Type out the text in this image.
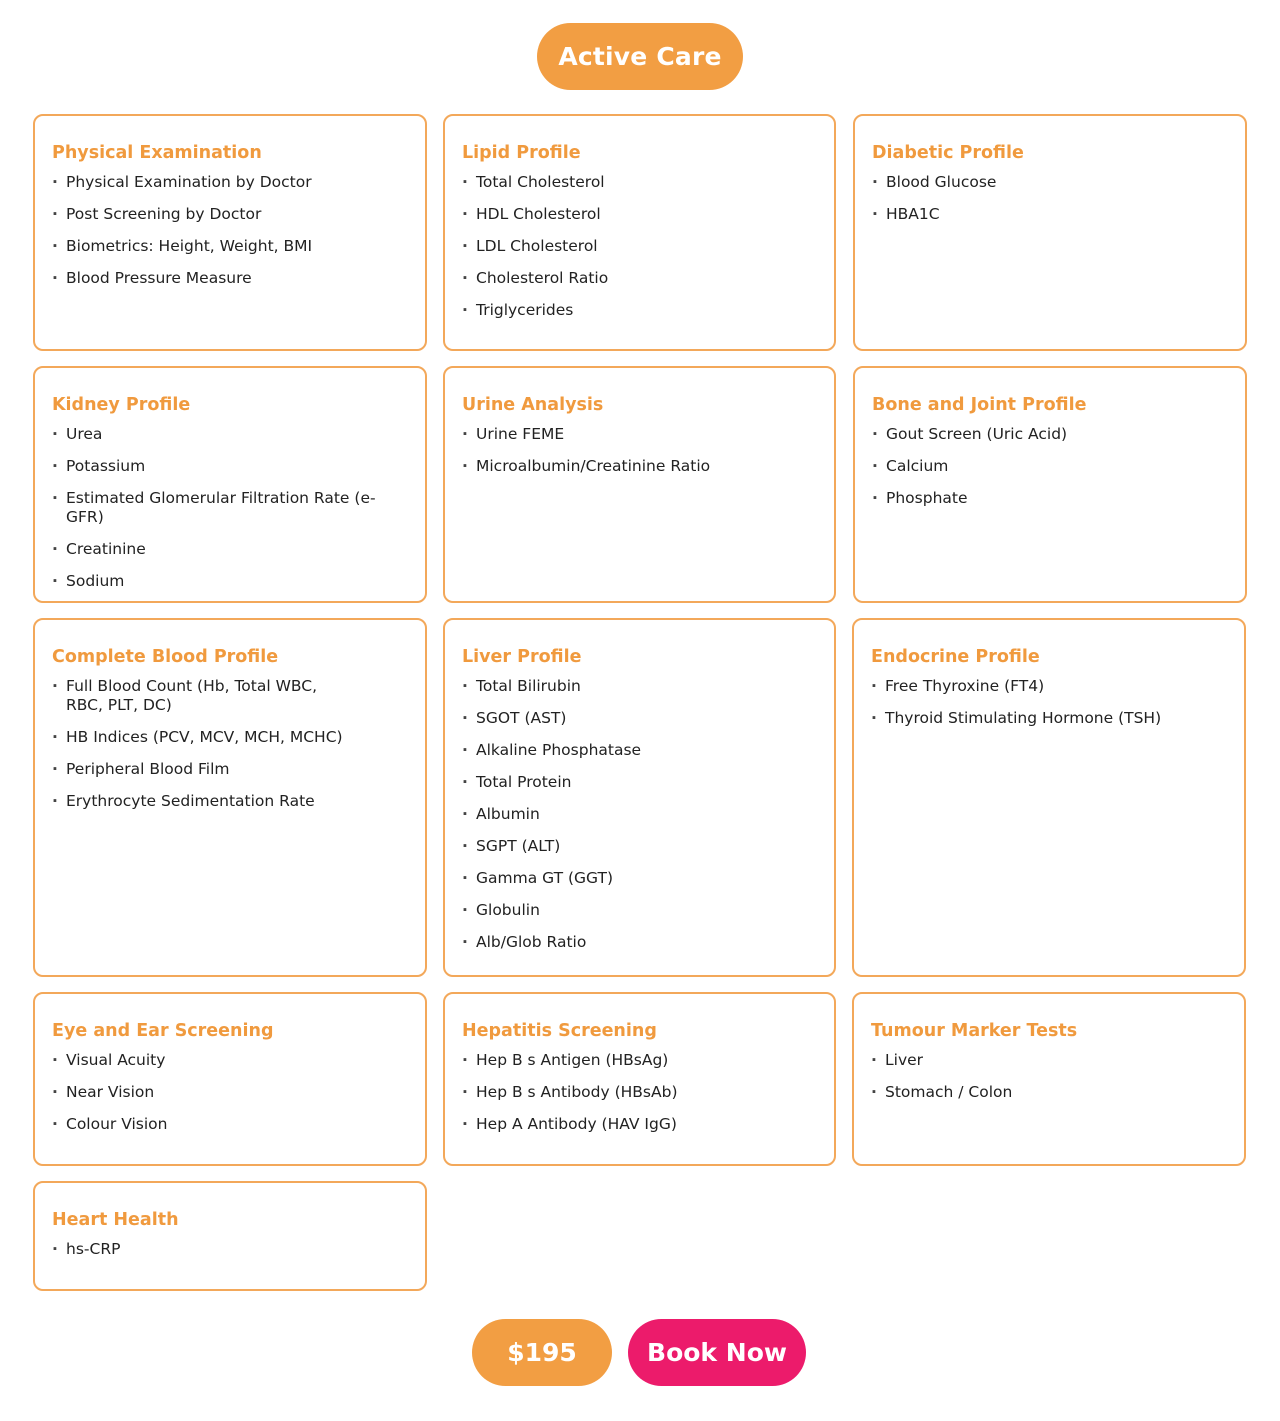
Active Care
Physical Examination
· Physical Examination by Doctor
· Post Screening by Doctor
· Biometrics: Height, Weight, BMI
· Blood Pressure Measure
Lipid Profile
· Total Cholesterol
· HDL Cholesterol
· LDL Cholesterol
· Cholesterol Ratio
· Triglycerides
Diabetic Profile
· Blood Glucose
· HBA1C
Kidney Profile
· Urea
· Potassium
· Estimated Glomerular Filtration Rate (e-GFR)
· Creatinine
· Sodium
Urine Analysis
· Urine FEME
· Microalbumin/Creatinine Ratio
Bone and Joint Profile
· Gout Screen (Uric Acid)
· Calcium
· Phosphate
Complete Blood Profile
· Full Blood Count (Hb, Total WBC, RBC, PLT, DC)
· HB Indices (PCV, MCV, MCH, MCHC)
· Peripheral Blood Film
· Erythrocyte Sedimentation Rate
Liver Profile
· Total Bilirubin
· SGOT (AST)
· Alkaline Phosphatase
· Total Protein
· Albumin
· SGPT (ALT)
· Gamma GT (GGT)
· Globulin
· Alb/Glob Ratio
Endocrine Profile
· Free Thyroxine (FT4)
· Thyroid Stimulating Hormone (TSH)
Eye and Ear Screening
· Visual Acuity
· Near Vision
· Colour Vision
Hepatitis Screening
· Hep B s Antigen (HBsAg)
· Hep B s Antibody (HBsAb)
· Hep A Antibody (HAV IgG)
Tumour Marker Tests
· Liver
· Stomach / Colon
Heart Health
· hs-CRP
$195	Book Now
